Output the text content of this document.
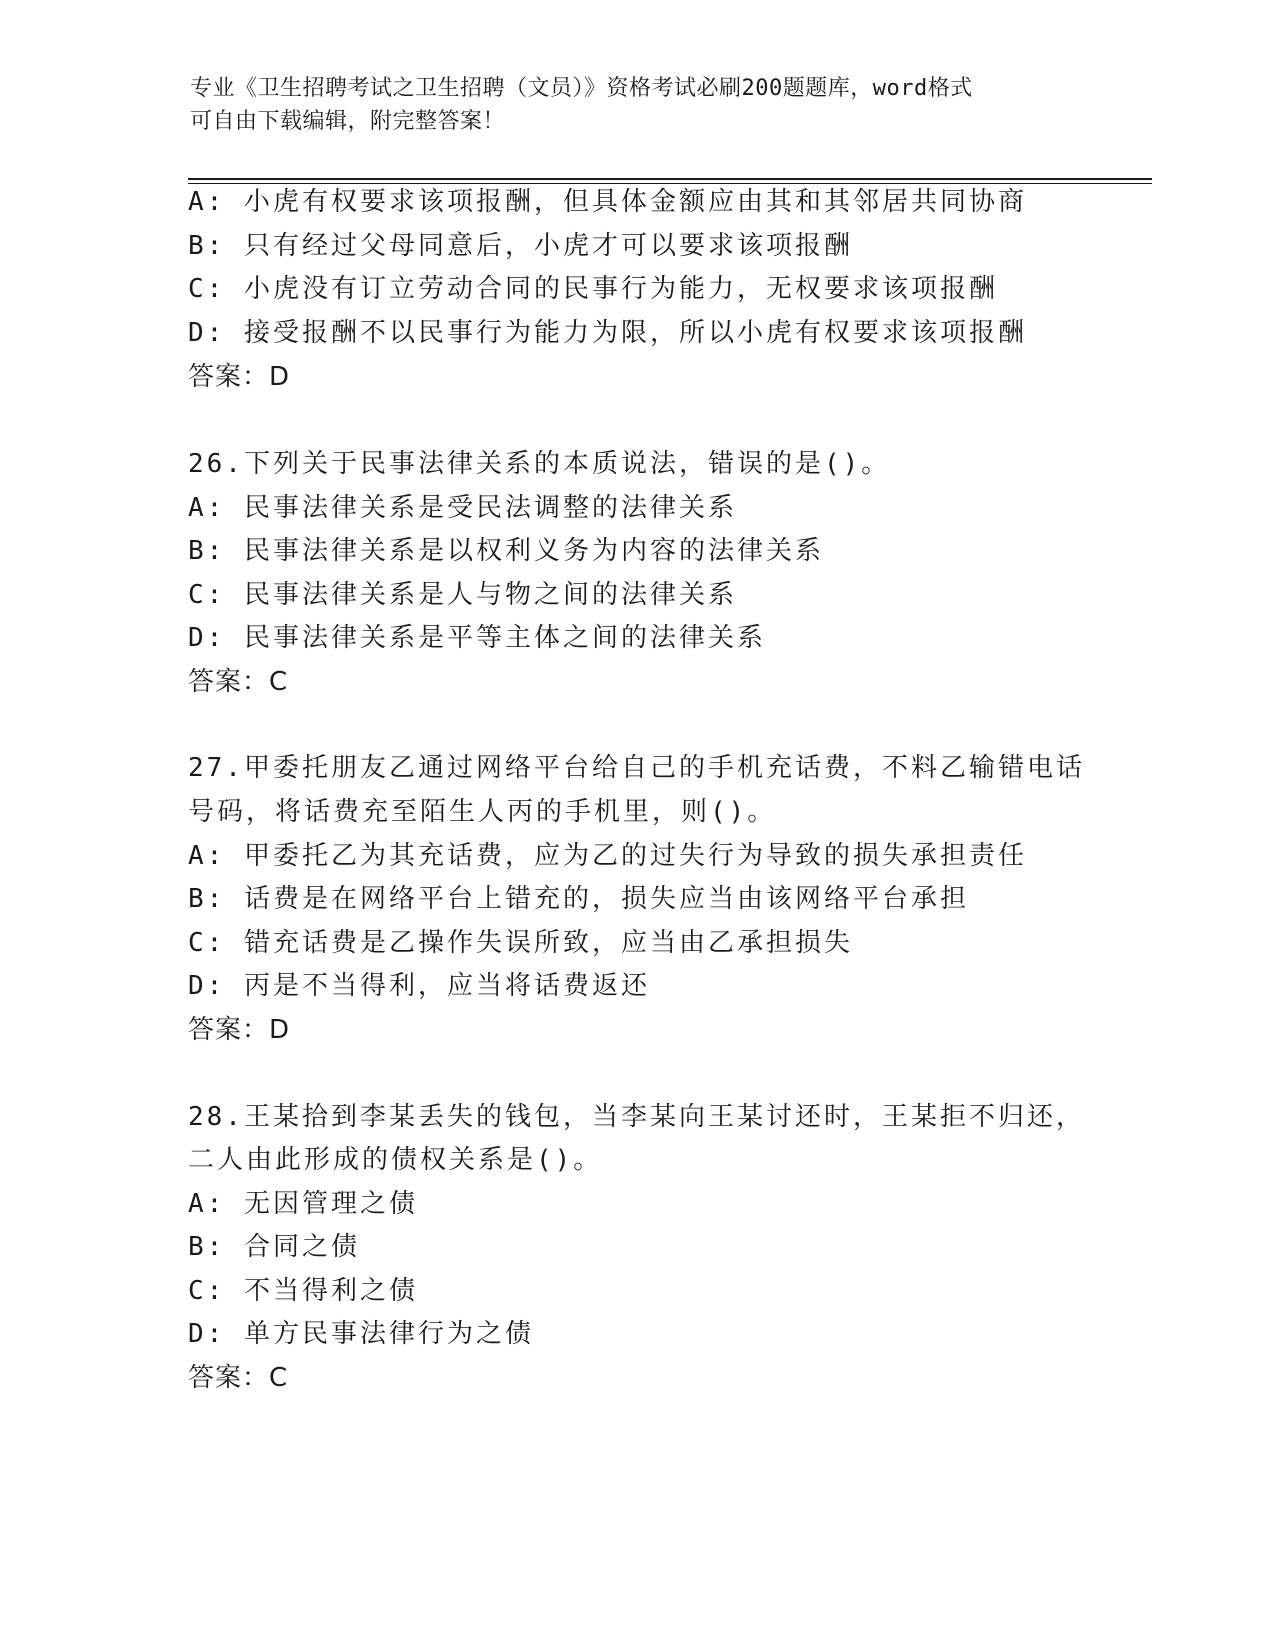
专业《卫生招聘考试之卫生招聘（文员）》资格考试必刷200题题库，word格式
可自由下载编辑，附完整答案！
A: 小虎有权要求该项报酬，但具体金额应由其和其邻居共同协商
B: 只有经过父母同意后，小虎才可以要求该项报酬
C: 小虎没有订立劳动合同的民事行为能力，无权要求该项报酬
D: 接受报酬不以民事行为能力为限，所以小虎有权要求该项报酬
答案：D
26.下列关于民事法律关系的本质说法，错误的是()。
A: 民事法律关系是受民法调整的法律关系
B: 民事法律关系是以权利义务为内容的法律关系
C: 民事法律关系是人与物之间的法律关系
D: 民事法律关系是平等主体之间的法律关系
答案：C
27.甲委托朋友乙通过网络平台给自己的手机充话费，不料乙输错电话
号码，将话费充至陌生人丙的手机里，则()。
A: 甲委托乙为其充话费，应为乙的过失行为导致的损失承担责任
B: 话费是在网络平台上错充的，损失应当由该网络平台承担
C: 错充话费是乙操作失误所致，应当由乙承担损失
D: 丙是不当得利，应当将话费返还
答案：D
28.王某拾到李某丢失的钱包，当李某向王某讨还时，王某拒不归还，
二人由此形成的债权关系是()。
A: 无因管理之债
B: 合同之债
C: 不当得利之债
D: 单方民事法律行为之债
答案：C
